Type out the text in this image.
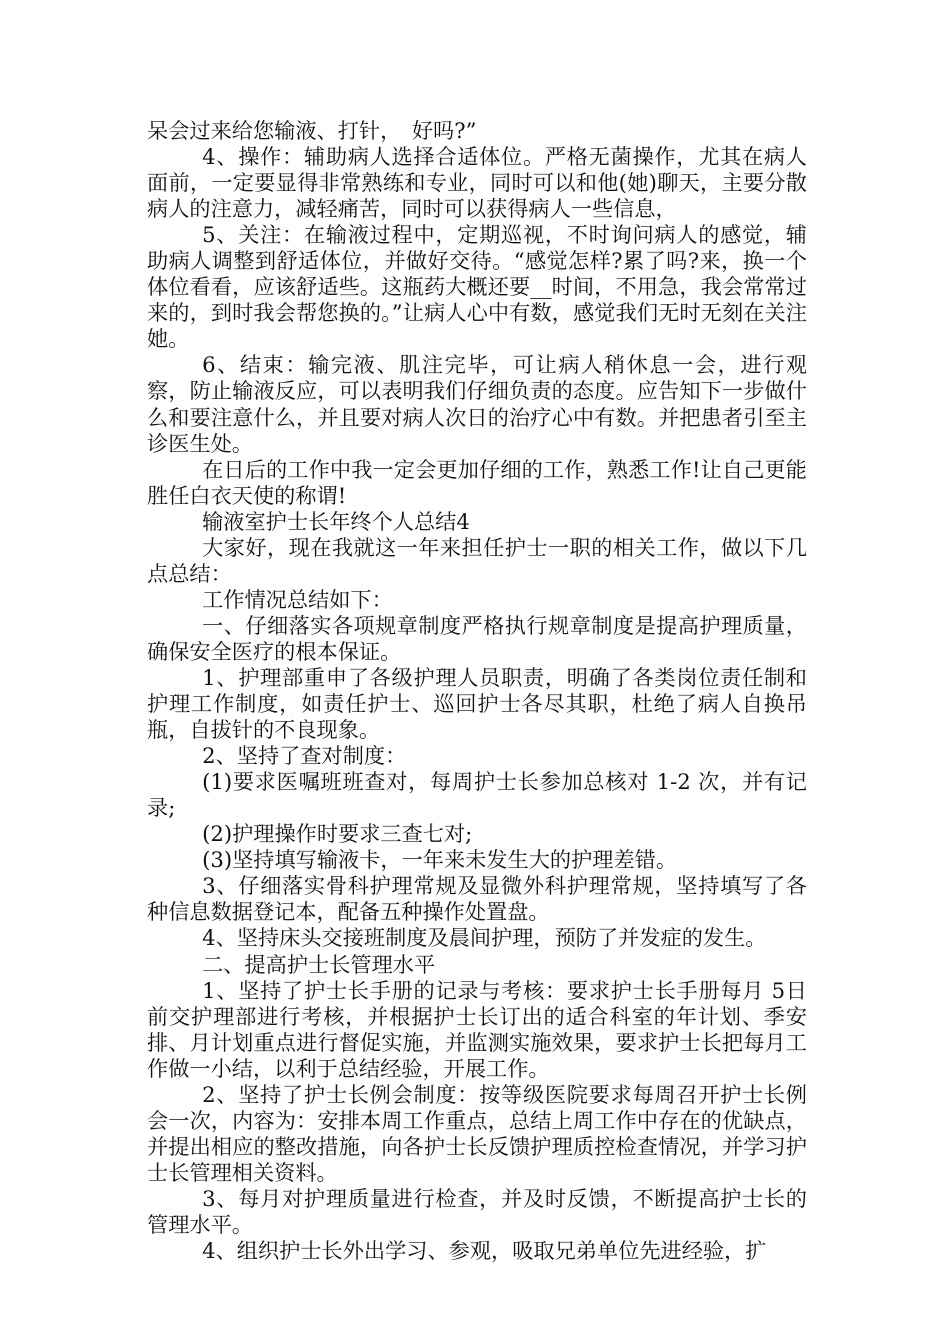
呆会过来给您输液、打针，　好吗?”

4、操作：辅助病人选择合适体位。严格无菌操作，尤其在病人面前，一定要显得非常熟练和专业，同时可以和他(她)聊天，主要分散病人的注意力，减轻痛苦，同时可以获得病人一些信息，

5、关注：在输液过程中，定期巡视，不时询问病人的感觉，辅助病人调整到舒适体位，并做好交待。“感觉怎样?累了吗?来，换一个体位看看，应该舒适些。这瓶药大概还要__时间，不用急，我会常常过来的，到时我会帮您换的。”让病人心中有数，感觉我们无时无刻在关注她。

6、结束：输完液、肌注完毕，可让病人稍休息一会，进行观察，防止输液反应，可以表明我们仔细负责的态度。应告知下一步做什么和要注意什么，并且要对病人次日的治疗心中有数。并把患者引至主诊医生处。

在日后的工作中我一定会更加仔细的工作，熟悉工作!让自己更能胜任白衣天使的称谓!

输液室护士长年终个人总结4

大家好，现在我就这一年来担任护士一职的相关工作，做以下几点总结：

工作情况总结如下：

一、仔细落实各项规章制度严格执行规章制度是提高护理质量，确保安全医疗的根本保证。

1、护理部重申了各级护理人员职责，明确了各类岗位责任制和护理工作制度，如责任护士、巡回护士各尽其职，杜绝了病人自换吊瓶，自拔针的不良现象。

2、坚持了查对制度：

(1)要求医嘱班班查对，每周护士长参加总核对 1-2 次，并有记录;

(2)护理操作时要求三查七对;

(3)坚持填写输液卡，一年来未发生大的护理差错。

3、仔细落实骨科护理常规及显微外科护理常规，坚持填写了各种信息数据登记本，配备五种操作处置盘。

4、坚持床头交接班制度及晨间护理，预防了并发症的发生。

二、提高护士长管理水平

1、坚持了护士长手册的记录与考核：要求护士长手册每月 5日前交护理部进行考核，并根据护士长订出的适合科室的年计划、季安排、月计划重点进行督促实施，并监测实施效果，要求护士长把每月工作做一小结，以利于总结经验，开展工作。

2、坚持了护士长例会制度：按等级医院要求每周召开护士长例会一次，内容为：安排本周工作重点，总结上周工作中存在的优缺点，并提出相应的整改措施，向各护士长反馈护理质控检查情况，并学习护士长管理相关资料。

3、每月对护理质量进行检查，并及时反馈，不断提高护士长的管理水平。

4、组织护士长外出学习、参观，吸取兄弟单位先进经验，扩
